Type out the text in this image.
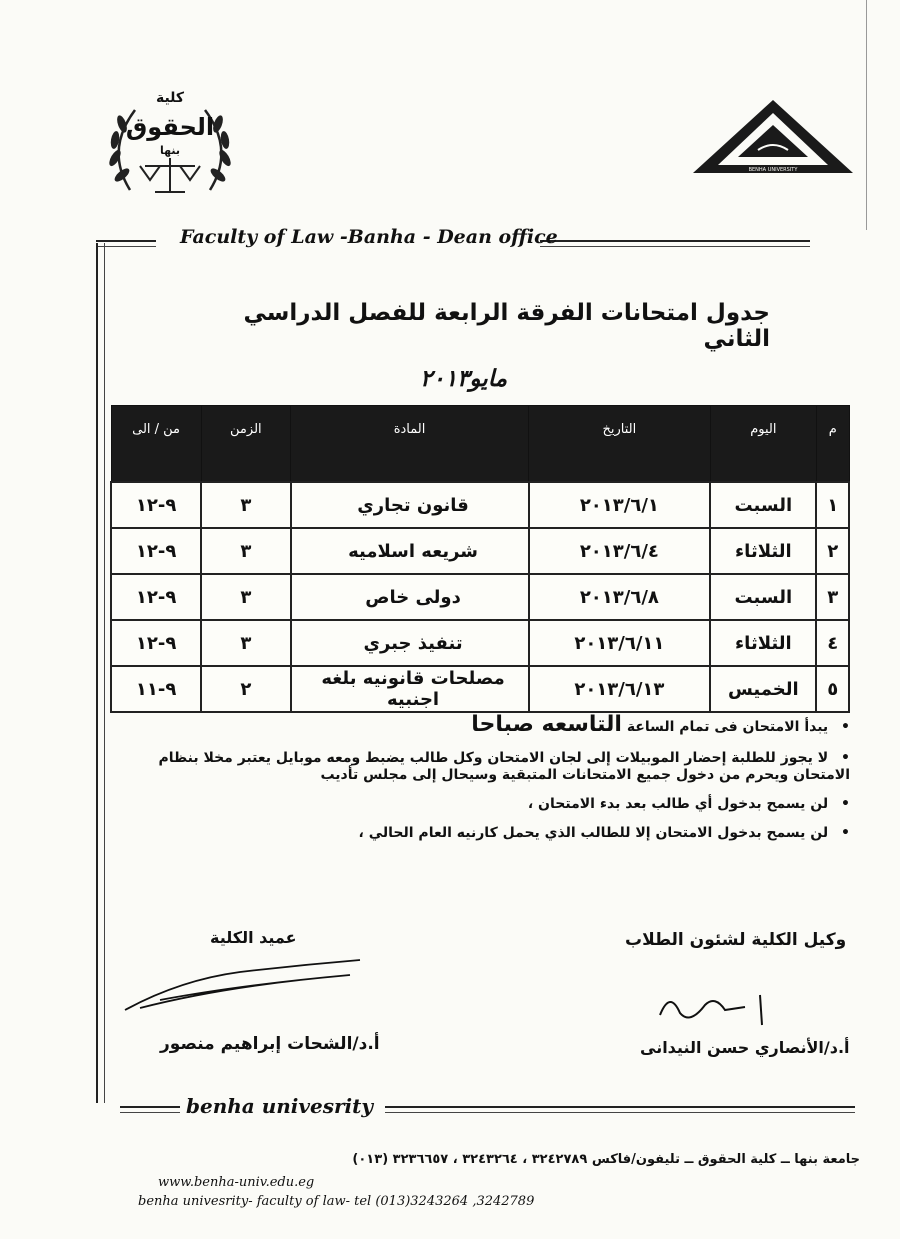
كلية
الحقوق
بنها
BENHA UNIVERSITY
Faculty of Law -Banha - Dean office
جدول امتحانات الفرقة الرابعة للفصل الدراسي الثاني
مايو٢٠١٣
م	اليوم	التاريخ	المادة	الزمن	من / الى
١	السبت	٢٠١٣/٦/١	قانون تجاري	٣	٩-١٢
٢	الثلاثاء	٢٠١٣/٦/٤	شريعه اسلاميه	٣	٩-١٢
٣	السبت	٢٠١٣/٦/٨	دولى خاص	٣	٩-١٢
٤	الثلاثاء	٢٠١٣/٦/١١	تنفيذ جبري	٣	٩-١٢
٥	الخميس	٢٠١٣/٦/١٣	مصلحات قانونيه بلغه اجنبيه	٢	٩-١١
• يبدأ الامتحان فى تمام الساعة التاسعه صباحا
• لا يجوز للطلبة إحضار الموبيلات إلى لجان الامتحان وكل طالب يضبط ومعه موبايل يعتبر مخلا بنظام الامتحان ويحرم من دخول جميع الامتحانات المتبقية وسيحال إلى مجلس تأديب
• لن يسمح بدخول أي طالب بعد بدء الامتحان ،
• لن يسمح بدخول الامتحان إلا للطالب الذي يحمل كارنيه العام الحالي ،
وكيل الكلية لشئون الطلاب
عميد الكلية
أ.د/الأنصاري حسن النيدانى
أ.د/الشحات إبراهيم منصور
benha univesrity
جامعة بنها ــ كلية الحقوق ــ تليفون/فاكس ٣٢٤٢٧٨٩ ، ٣٢٤٣٢٦٤ ، ٣٢٣٦٦٥٧ (٠١٣)
www.benha-univ.edu.eg
benha univesrity- faculty of law- tel (013)3243264 ,3242789
